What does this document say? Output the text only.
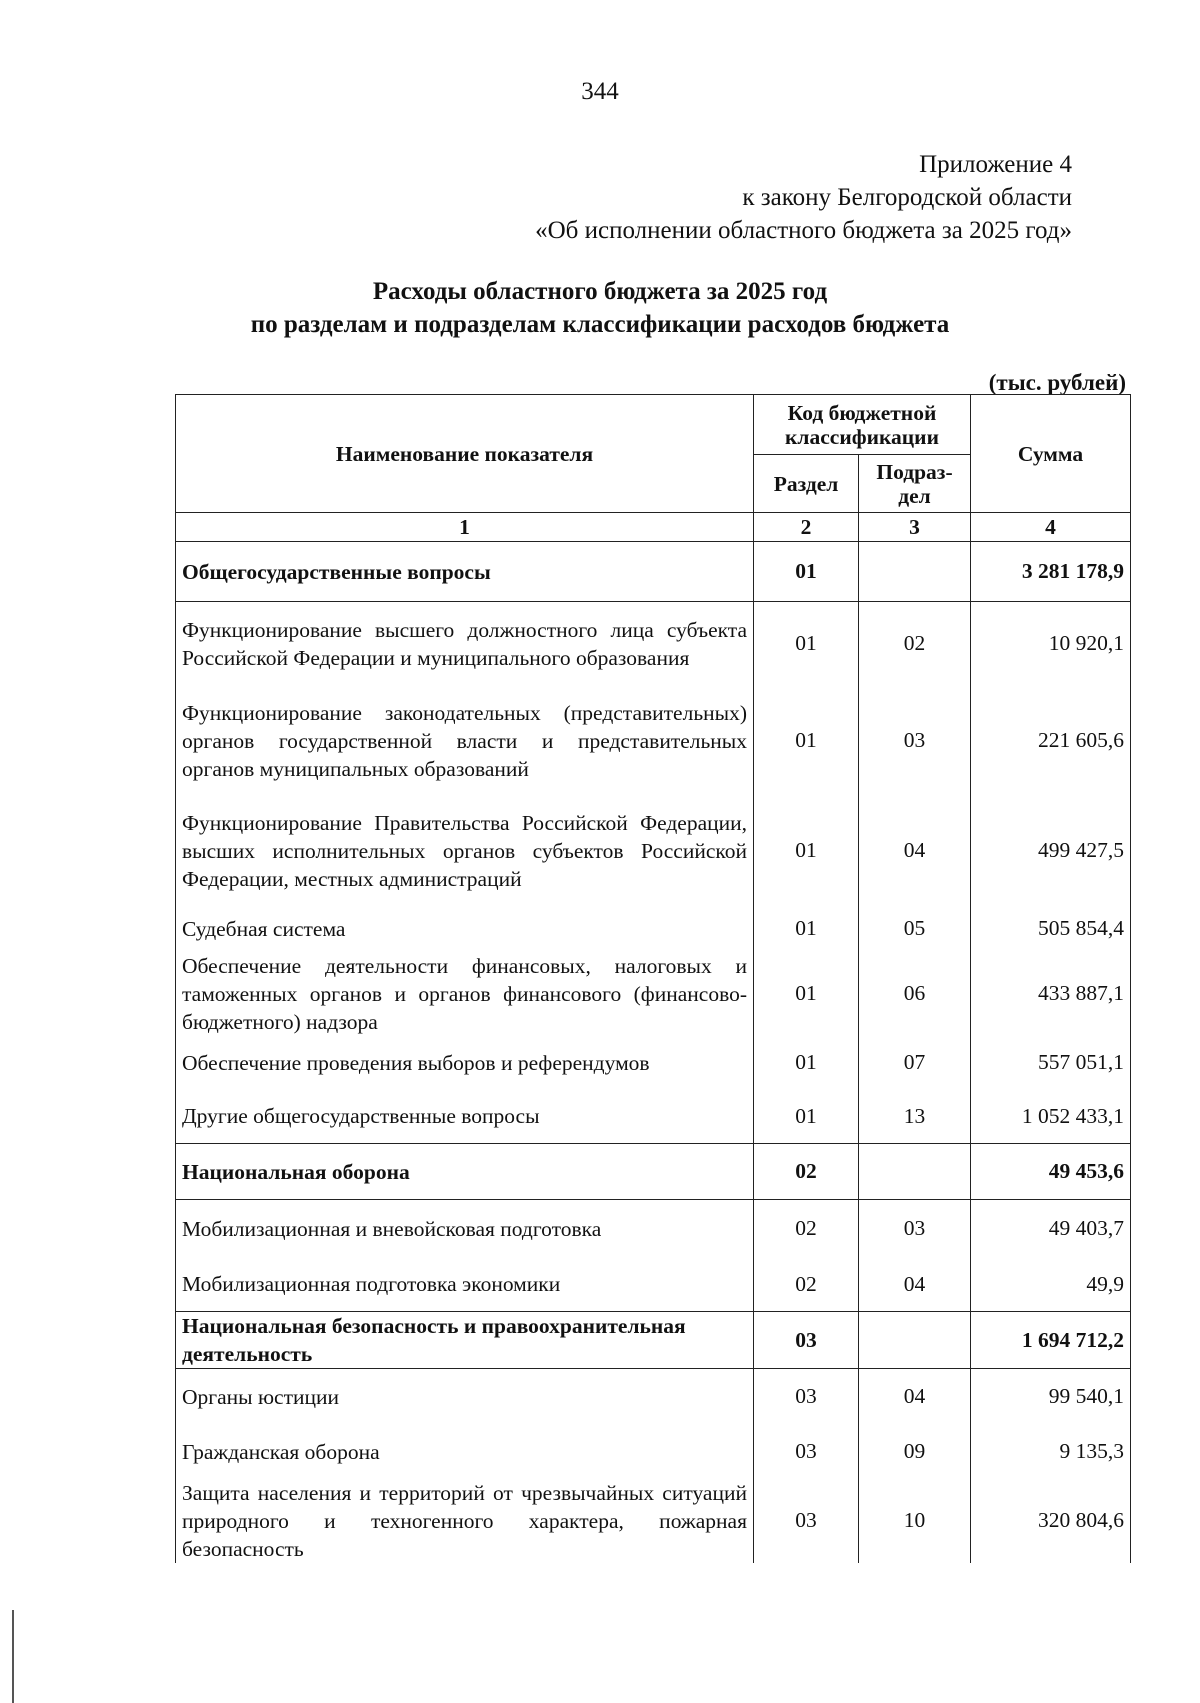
344
Приложение 4
к закону Белгородской области
«Об исполнении областного бюджета за 2025 год»
Расходы областного бюджета за 2025 год
по разделам и подразделам классификации расходов бюджета
(тыс. рублей)
Наименование показателя	Код бюджетной классификации		Сумма
	Раздел	Подраз-дел	
1	2	3	4
Общегосударственные вопросы	01		3 281 178,9
Функционирование высшего должностного лица субъекта Российской Федерации и муниципального образования	01	02	10 920,1
Функционирование законодательных (представительных) органов государственной власти и представительных органов муниципальных образований	01	03	221 605,6
Функционирование Правительства Российской Федерации, высших исполнительных органов субъектов Российской Федерации, местных администраций	01	04	499 427,5
Судебная система	01	05	505 854,4
Обеспечение деятельности финансовых, налоговых и таможенных органов и органов финансового (финансово-бюджетного) надзора	01	06	433 887,1
Обеспечение проведения выборов и референдумов	01	07	557 051,1
Другие общегосударственные вопросы	01	13	1 052 433,1
Национальная оборона	02		49 453,6
Мобилизационная и вневойсковая подготовка	02	03	49 403,7
Мобилизационная подготовка экономики	02	04	49,9
Национальная безопасность и правоохранительная деятельность	03		1 694 712,2
Органы юстиции	03	04	99 540,1
Гражданская оборона	03	09	9 135,3
Защита населения и территорий от чрезвычайных ситуаций природного и техногенного характера, пожарная безопасность	03	10	320 804,6
